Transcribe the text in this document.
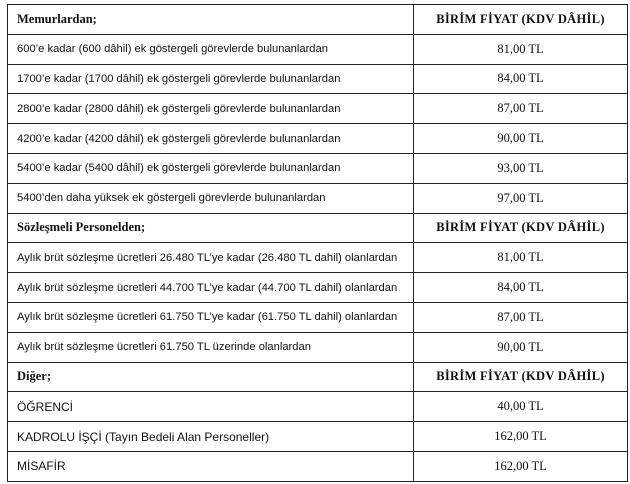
Memurlardan;	BİRİM FİYAT (KDV DÂHİL)
600’e kadar (600 dâhil) ek göstergeli görevlerde bulunanlardan	81,00 TL
1700’e kadar (1700 dâhil) ek göstergeli görevlerde bulunanlardan	84,00 TL
2800’e kadar (2800 dâhil) ek göstergeli görevlerde bulunanlardan	87,00 TL
4200’e kadar (4200 dâhil) ek göstergeli görevlerde bulunanlardan	90,00 TL
5400’e kadar (5400 dâhil) ek göstergeli görevlerde bulunanlardan	93,00 TL
5400’den daha yüksek ek göstergeli görevlerde bulunanlardan	97,00 TL
Sözleşmeli Personelden;	BİRİM FİYAT (KDV DÂHİL)
Aylık brüt sözleşme ücretleri 26.480 TL’ye kadar (26.480 TL dahil) olanlardan	81,00 TL
Aylık brüt sözleşme ücretleri 44.700 TL’ye kadar (44.700 TL dahil) olanlardan	84,00 TL
Aylık brüt sözleşme ücretleri 61.750 TL’ye kadar (61.750 TL dahil) olanlardan	87,00 TL
Aylık brüt sözleşme ücretleri 61.750 TL üzerinde olanlardan	90,00 TL
Diğer;	BİRİM FİYAT (KDV DÂHİL)
ÖĞRENCİ	40,00 TL
KADROLU İŞÇİ (Tayın Bedeli Alan Personeller)	162,00 TL
MİSAFİR	162,00 TL
